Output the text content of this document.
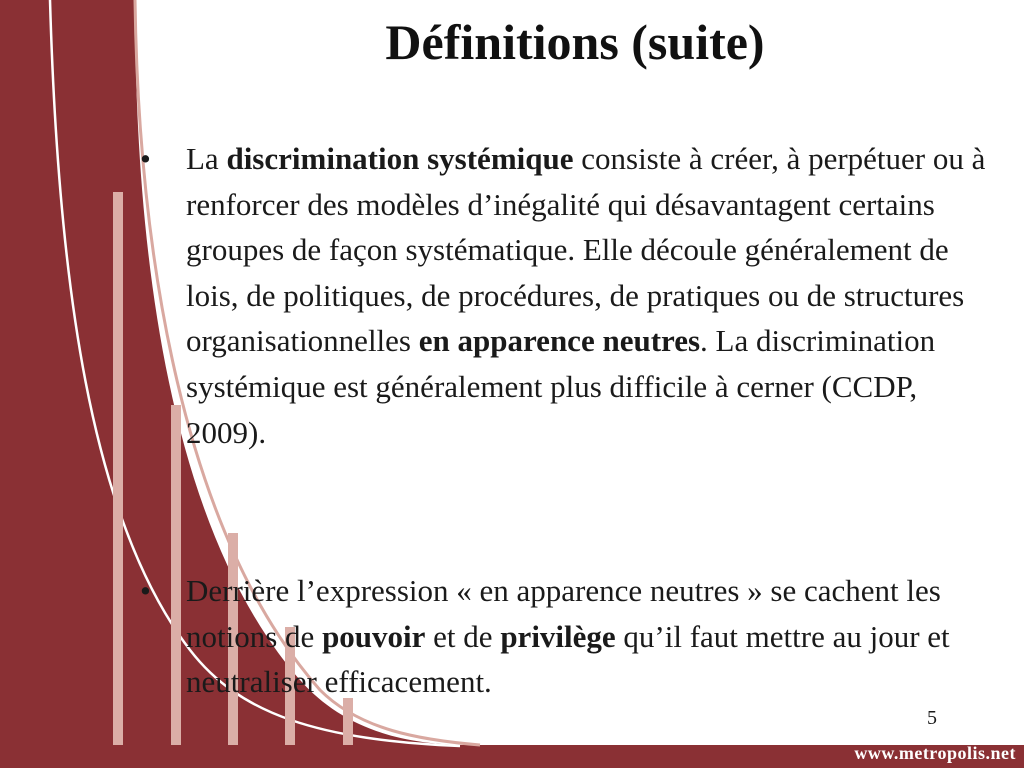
Définitions (suite)
•	La discrimination systémique consiste à créer, à perpétuer ou à renforcer des modèles d’inégalité qui désavantagent certains groupes de façon systématique. Elle découle généralement de lois, de politiques, de procédures, de pratiques ou de structures organisationnelles en apparence neutres. La discrimination systémique est généralement plus difficile à cerner (CCDP, 2009).
•	Derrière l’expression « en apparence neutres » se cachent les notions de pouvoir et de privilège qu’il faut mettre au jour et neutraliser efficacement.
5
www.metropolis.net
